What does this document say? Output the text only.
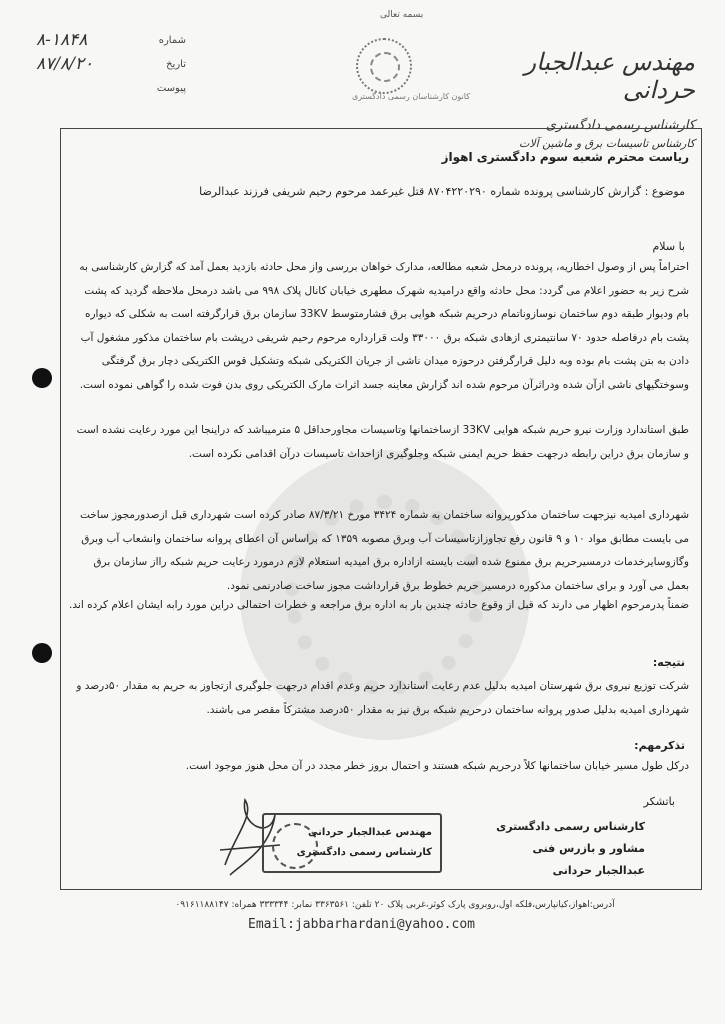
بسمه تعالی
۸-۱۸۴۸	شماره
۸۷/۸/۲۰	تاریخ
پیوست
کانون کارشناسان رسمی دادگستری
مهندس عبدالجبار حردانی
کارشناس رسمی دادگستری
کارشناس تاسیسات برق و ماشین آلات
ریاست محترم شعبه سوم دادگستری اهواز
موضوع : گزارش کارشناسی پرونده شماره ۸۷۰۴۲۲۰۲۹۰ قتل غیرعمد مرحوم رحیم شریفی فرزند عبدالرضا
با سلام
احتراماً پس از وصول اخطاریه، پرونده درمحل شعبه مطالعه، مدارک خواهان بررسی واز محل حادثه بازدید بعمل آمد که گزارش کارشناسی به شرح زیر به حضور اعلام می گردد: محل حادثه واقع درامیدیه شهرک مطهری خیابان کانال پلاک ۹۹۸ می باشد درمحل ملاحظه گردید که پشت بام ودیوار طبقه دوم ساختمان نوسازوناتمام درحریم شبکه هوایی برق فشارمتوسط 33KV سازمان برق قرارگرفته است به شکلی که دیواره پشت بام درفاصله حدود ۷۰ سانتیمتری ازهادی شبکه برق ۳۳۰۰۰ ولت قرارداره مرحوم رحیم شریفی درپشت بام ساختمان مذکور مشغول آب دادن به بتن پشت بام بوده وبه دلیل قرارگرفتن درحوزه میدان ناشی از جریان الکتریکی شبکه وتشکیل قوس الکتریکی دچار برق گرفتگی وسوختگیهای ناشی ازآن شده ودراثرآن مرحوم شده اند گزارش معاینه جسد اثرات مارک الکتریکی روی بدن فوت شده را گواهی نموده است.
طبق استاندارد وزارت نیرو حریم شبکه هوایی 33KV ازساختمانها وتاسیسات مجاورحداقل ۵ مترمیباشد که دراینجا این مورد رعایت نشده است و سازمان برق دراین رابطه درجهت حفظ حریم ایمنی شبکه وجلوگیری ازاحداث تاسیسات درآن اقدامی نکرده است.
شهرداری امیدیه نیزجهت ساختمان مذکورپروانه ساختمان به شماره ۳۴۲۴ مورخ ۸۷/۳/۲۱ صادر کرده است شهرداری قبل ازصدورمجوز ساخت می بایست مطابق مواد ۱۰ و ۹ قانون رفع تجاوزازتاسیسات آب وبرق مصوبه ۱۳۵۹ که براساس آن اعطای پروانه ساختمان وانشعاب آب وبرق وگازوسایرخدمات درمسیرحریم برق ممنوع شده است بایسته ازاداره برق امیدیه استعلام لازم درمورد رعایت حریم شبکه رااز سازمان برق بعمل می آورد و برای ساختمان مذکوره درمسیر حریم خطوط برق قرارداشت مجوز ساخت صادرنمی نمود.
ضمناً پدرمرحوم اظهار می دارند که قبل از وقوع حادثه چندین بار به اداره برق مراجعه و خطرات احتمالی دراین مورد رابه ایشان اعلام کرده اند.
نتیجه:
شرکت توزیع نیروی برق شهرستان امیدیه بدلیل عدم رعایت استاندارد حریم وعدم اقدام درجهت جلوگیری ازتجاوز به حریم به مقدار ۵۰درصد و شهرداری امیدیه بدلیل صدور پروانه ساختمان درحریم شبکه برق نیز به مقدار ۵۰درصد مشترکاً مقصر می باشند.
تذکرمهم:
درکل طول مسیر خیابان ساختمانها کلاً درحریم شبکه هستند و احتمال بروز خطر مجدد در آن محل هنوز موجود است.
باتشکر
کارشناس رسمی دادگستری
مشاور و بازرس فنی
عبدالجبار حردانی
مهندس عبدالجبار حردانی
کارشناس رسمی دادگستری
آدرس:اهواز،کیانپارس،فلکه اول،روبروی پارک کوثر،غربی پلاک ۲۰ تلفن: ۳۳۶۳۵۶۱ نمابر: ۳۳۳۳۴۴ همراه: ۰۹۱۶۱۱۸۸۱۴۷
Email:jabbarhardani@yahoo.com
